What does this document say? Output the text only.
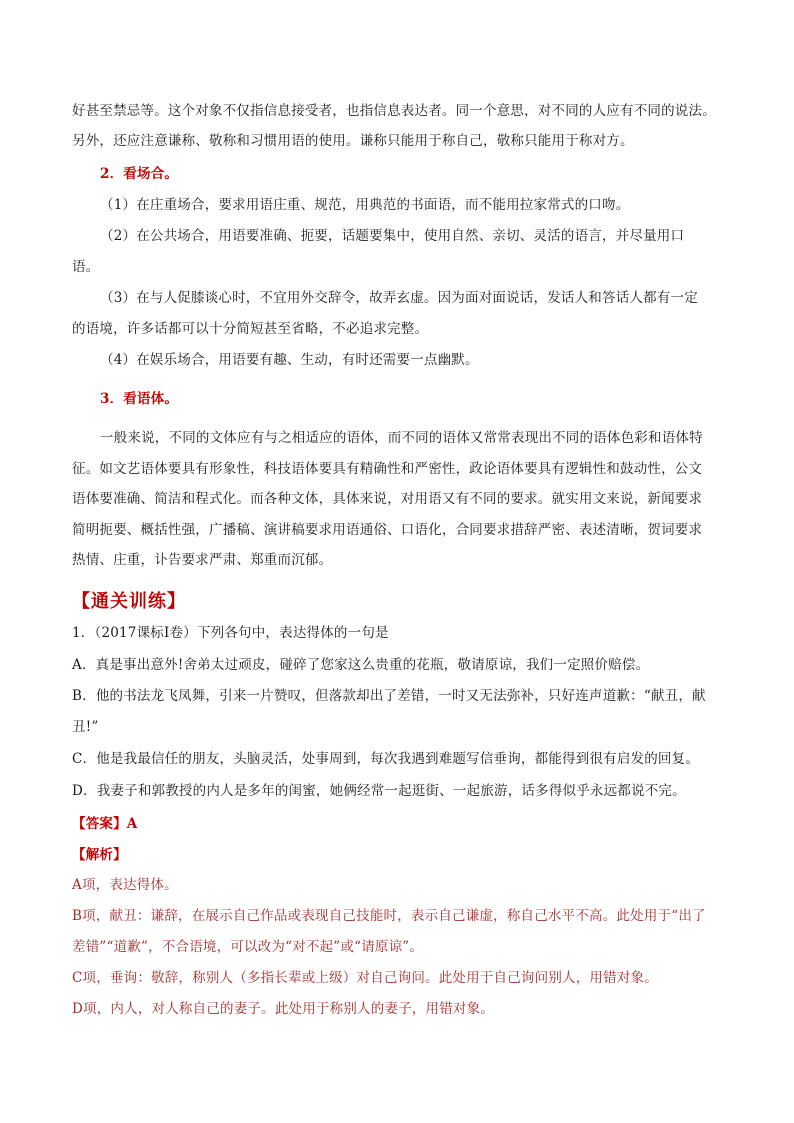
好甚至禁忌等。这个对象不仅指信息接受者，也指信息表达者。同一个意思，对不同的人应有不同的说法。
另外，还应注意谦称、敬称和习惯用语的使用。谦称只能用于称自己，敬称只能用于称对方。
2．看场合。
（1）在庄重场合，要求用语庄重、规范，用典范的书面语，而不能用拉家常式的口吻。
（2）在公共场合，用语要准确、扼要，话题要集中，使用自然、亲切、灵活的语言，并尽量用口
语。
（3）在与人促膝谈心时，不宜用外交辞令，故弄玄虚。因为面对面说话，发话人和答话人都有一定
的语境，许多话都可以十分简短甚至省略，不必追求完整。
（4）在娱乐场合，用语要有趣、生动，有时还需要一点幽默。
3．看语体。
一般来说，不同的文体应有与之相适应的语体，而不同的语体又常常表现出不同的语体色彩和语体特
征。如文艺语体要具有形象性，科技语体要具有精确性和严密性，政论语体要具有逻辑性和鼓动性，公文
语体要准确、简洁和程式化。而各种文体，具体来说，对用语又有不同的要求。就实用文来说，新闻要求
简明扼要、概括性强，广播稿、演讲稿要求用语通俗、口语化，合同要求措辞严密、表述清晰，贺词要求
热情、庄重，讣告要求严肃、郑重而沉郁。
【通关训练】
1．（2017课标Ⅰ卷）下列各句中，表达得体的一句是
A．真是事出意外!舍弟太过顽皮，碰碎了您家这么贵重的花瓶，敬请原谅，我们一定照价赔偿。
B．他的书法龙飞凤舞，引来一片赞叹，但落款却出了差错，一时又无法弥补，只好连声道歉：“献丑，献
丑!”
C．他是我最信任的朋友，头脑灵活，处事周到，每次我遇到难题写信垂询，都能得到很有启发的回复。
D．我妻子和郭教授的内人是多年的闺蜜，她俩经常一起逛街、一起旅游，话多得似乎永远都说不完。
【答案】A
【解析】
A项，表达得体。
B项，献丑：谦辞，在展示自己作品或表现自己技能时，表示自己谦虚，称自己水平不高。此处用于“出了
差错”“道歉”，不合语境，可以改为“对不起”或“请原谅”。
C项，垂询：敬辞，称别人（多指长辈或上级）对自己询问。此处用于自己询问别人，用错对象。
D项，内人，对人称自己的妻子。此处用于称别人的妻子，用错对象。
